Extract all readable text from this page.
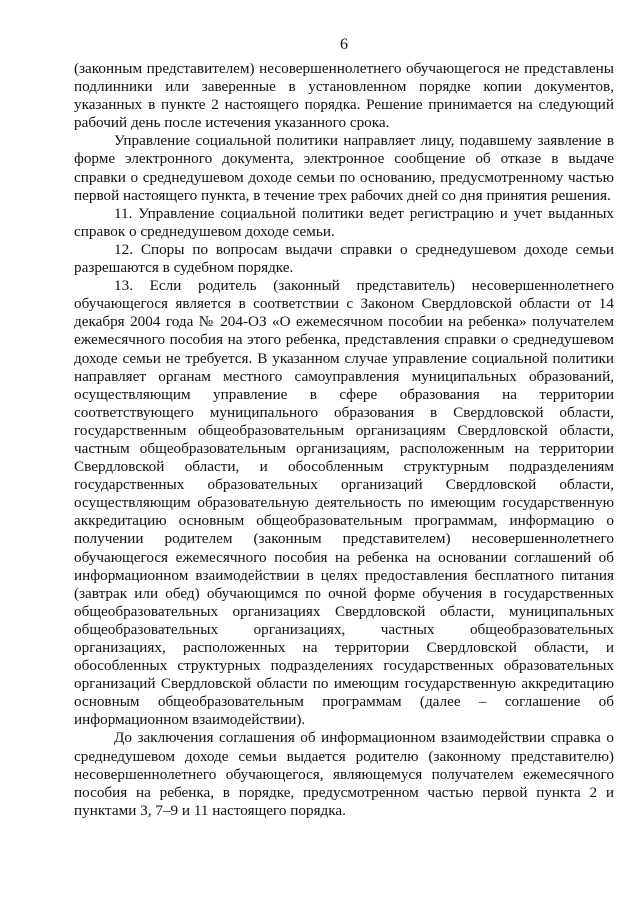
6

(законным представителем) несовершеннолетнего обучающегося не представлены подлинники или заверенные в установленном порядке копии документов, указанных в пункте 2 настоящего порядка. Решение принимается на следующий рабочий день после истечения указанного срока.

Управление социальной политики направляет лицу, подавшему заявление в форме электронного документа, электронное сообщение об отказе в выдаче справки о среднедушевом доходе семьи по основанию, предусмотренному частью первой настоящего пункта, в течение трех рабочих дней со дня принятия решения.

11. Управление социальной политики ведет регистрацию и учет выданных справок о среднедушевом доходе семьи.

12. Споры по вопросам выдачи справки о среднедушевом доходе семьи разрешаются в судебном порядке.

13. Если родитель (законный представитель) несовершеннолетнего обучающегося является в соответствии с Законом Свердловской области от 14 декабря 2004 года № 204-ОЗ «О ежемесячном пособии на ребенка» получателем ежемесячного пособия на этого ребенка, представления справки о среднедушевом доходе семьи не требуется. В указанном случае управление социальной политики направляет органам местного самоуправления муниципальных образований, осуществляющим управление в сфере образования на территории соответствующего муниципального образования в Свердловской области, государственным общеобразовательным организациям Свердловской области, частным общеобразовательным организациям, расположенным на территории Свердловской области, и обособленным структурным подразделениям государственных образовательных организаций Свердловской области, осуществляющим образовательную деятельность по имеющим государственную аккредитацию основным общеобразовательным программам, информацию о получении родителем (законным представителем) несовершеннолетнего обучающегося ежемесячного пособия на ребенка на основании соглашений об информационном взаимодействии в целях предоставления бесплатного питания (завтрак или обед) обучающимся по очной форме обучения в государственных общеобразовательных организациях Свердловской области, муниципальных общеобразовательных организациях, частных общеобразовательных организациях, расположенных на территории Свердловской области, и обособленных структурных подразделениях государственных образовательных организаций Свердловской области по имеющим государственную аккредитацию основным общеобразовательным программам (далее – соглашение об информационном взаимодействии).

До заключения соглашения об информационном взаимодействии справка о среднедушевом доходе семьи выдается родителю (законному представителю) несовершеннолетнего обучающегося, являющемуся получателем ежемесячного пособия на ребенка, в порядке, предусмотренном частью первой пункта 2 и пунктами 3, 7–9 и 11 настоящего порядка.
